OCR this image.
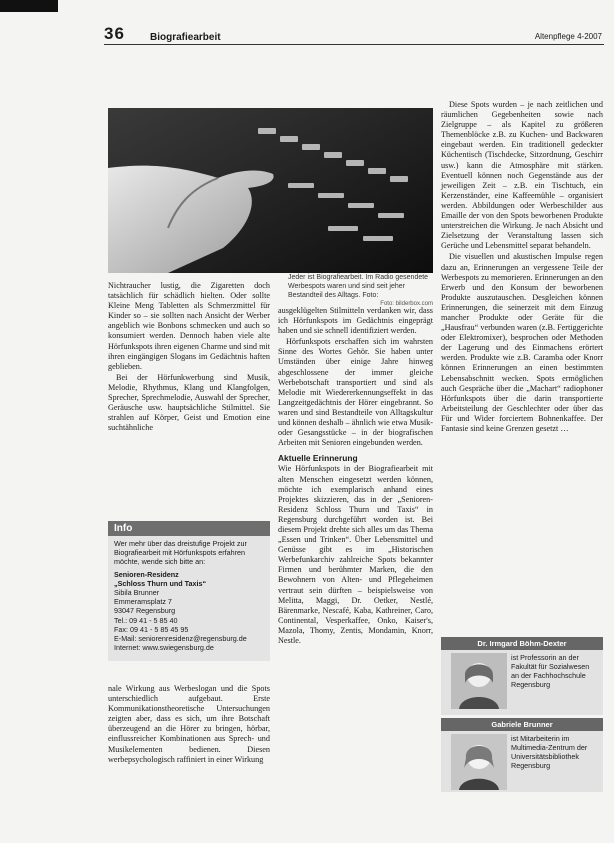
36	Biografiearbeit	Altenpflege 4-2007
Jeder ist Biografiearbeit. Im Radio gesendete Werbespots waren und sind seit jeher Bestandteil des Alltags. Foto:
Foto: bilderbox.com

Nichtraucher lustig, die Zigaretten doch tatsächlich für schädlich hielten. Oder sollte Kleine Meng Tabletten als Schmerzmittel für Kinder so – sie sollten nach Ansicht der Werber angeblich wie Bonbons schmecken und auch so konsumiert werden. Dennoch haben viele alte Hörfunkspots ihren eigenen Charme und sind mit ihren eingängigen Slogans im Gedächtnis haften geblieben.

Bei der Hörfunkwerbung sind Musik, Melodie, Rhythmus, Klang und Klangfolgen, Sprecher, Sprechmelodie, Auswahl der Sprecher, Geräusche usw. hauptsächliche Stilmittel. Sie strahlen auf Körper, Geist und Emotion eine suchtähnliche

Info

Wer mehr über das dreistufige Projekt zur Biografiearbeit mit Hörfunkspots erfahren möchte, wende sich bitte an:

Senioren-Residenz
„Schloss Thurn und Taxis“
Sibila Brunner
Emmeramsplatz 7
93047 Regensburg
Tel.: 09 41 - 5 85 40
Fax: 09 41 - 5 85 45 95
E-Mail: seniorenresidenz@regensburg.de
Internet: www.swiegensburg.de

nale Wirkung aus Werbeslogan und die Spots unterschiedlich aufgebaut. Erste Kommunikationstheoretische Untersuchungen zeigten aber, dass es sich, um ihre Botschaft überzeugend an die Hörer zu bringen, hörbar, einflussreicher Kombinationen aus Sprech- und Musikelementen bedienen. Diesen werbepsychologisch raffiniert in einer Wirkung

ausgeklügelten Stilmitteln verdanken wir, dass ich Hörfunkspots im Gedächtnis eingeprägt haben und sie schnell identifiziert werden.

Hörfunkspots erschaffen sich im wahrsten Sinne des Wortes Gehör. Sie haben unter Umständen über einige Jahre hinweg abgeschlossene der immer gleiche Werbebotschaft transportiert und sind als Melodie mit Wiedererkennungseffekt in das Langzeitgedächtnis der Hörer eingebrannt. So waren und sind Bestandteile von Alltagskultur und können deshalb – ähnlich wie etwa Musik- oder Gesangsstücke – in der biografischen Arbeiten mit Senioren eingebunden werden.

Aktuelle Erinnerung

Wie Hörfunkspots in der Biografiearbeit mit alten Menschen eingesetzt werden können, möchte ich exemplarisch anhand eines Projektes skizzieren, das in der „Senioren-Residenz Schloss Thurn und Taxis“ in Regensburg durchgeführt worden ist. Bei diesem Projekt drehte sich alles um das Thema „Essen und Trinken“. Über Lebensmittel und Genüsse gibt es im „Historischen Werbefunkarchiv zahlreiche Spots bekannter Firmen und berühmter Marken, die den Bewohnern von Alten- und Pflegeheimen vertraut sein dürften – beispielsweise von Melitta, Maggi, Dr. Oetker, Nestlé, Bärenmarke, Nescafé, Kaba, Kathreiner, Caro, Continental, Vesperkaffee, Onko, Kaiser's, Mazola, Thomy, Zentis, Mondamin, Knorr, Nestle.

Diese Spots wurden – je nach zeitlichen und räumlichen Gegebenheiten sowie nach Zielgruppe – als Kapitel zu größeren Themenblöcke z.B. zu Kuchen- und Backwaren eingebaut werden. Ein traditionell gedeckter Küchentisch (Tischdecke, Sitzordnung, Geschirr usw.) kann die Atmosphäre mit stärken. Eventuell können noch Gegenstände aus der jeweiligen Zeit – z.B. ein Tischtuch, ein Kerzenständer, eine Kaffeemühle – organisiert werden. Abbildungen oder Werbeschilder aus Emaille der von den Spots beworbenen Produkte unterstreichen die Wirkung. Je nach Absicht und Zielsetzung der Veranstaltung lassen sich Gerüche und Lebensmittel separat behandeln.

Die visuellen und akustischen Impulse regen dazu an, Erinnerungen an vergessene Teile der Werbespots zu memorieren. Erinnerungen an den Erwerb und den Konsum der beworbenen Produkte auszutauschen. Desgleichen können Erinnerungen, die seinerzeit mit dem Einzug mancher Produkte oder Geräte für die „Hausfrau“ verbunden waren (z.B. Fertiggerichte oder Elektromixer), besprochen oder Methoden der Lagerung und des Einmachens erörtert werden. Produkte wie z.B. Caramba oder Knorr können Erinnerungen an einen bestimmten Lebensabschnitt wecken. Spots ermöglichen auch Gespräche über die „Machart“ radiophoner Hörfunkspots über die darin transportierte Arbeitsteilung der Geschlechter oder über das Für und Wider forciertem Bohnenkaffee. Der Fantasie sind keine Grenzen gesetzt …

Dr. Irmgard Böhm-Dexter
ist Professorin an der Fakultät für Sozialwesen an der Fachhochschule Regensburg
Gabriele Brunner
ist Mitarbeiterin im Multimedia-Zentrum der Universitätsbibliothek Regensburg
